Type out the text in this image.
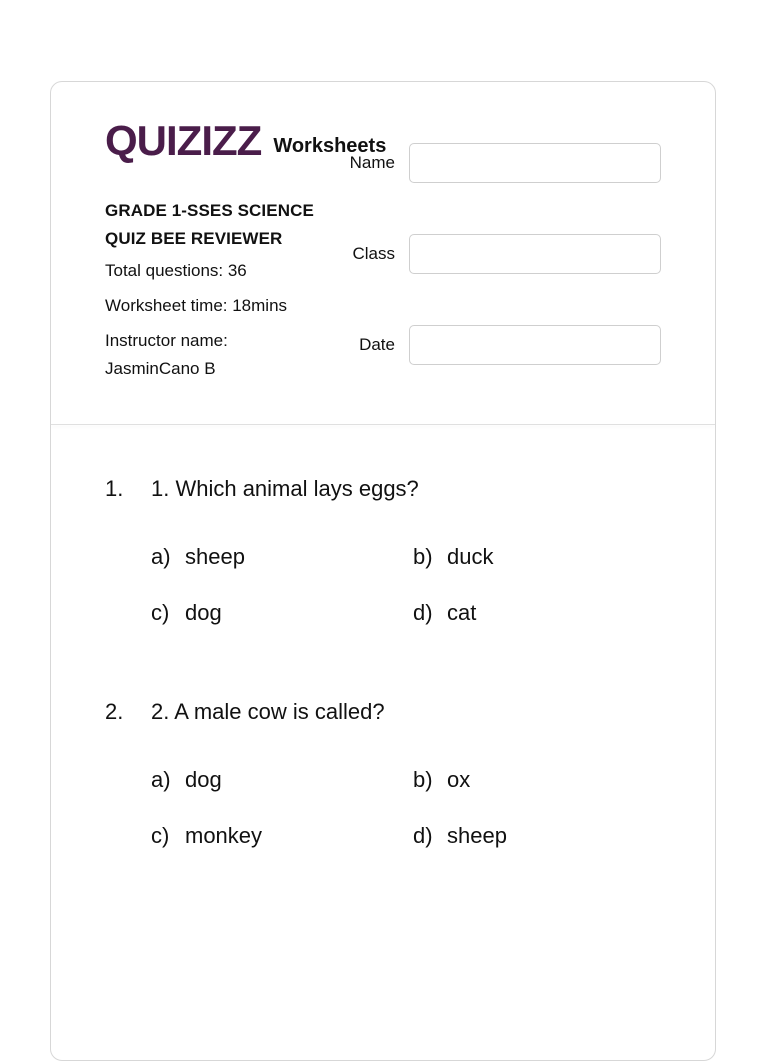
QUIZIZZ Worksheets
GRADE 1-SSES SCIENCE QUIZ BEE REVIEWER
Total questions: 36
Worksheet time: 18mins
Instructor name: JasminCano B
Name
Class
Date
1.	1. Which animal lays eggs?
a) sheep	b) duck
c) dog	d) cat
2.	2. A male cow is called?
a) dog	b) ox
c) monkey	d) sheep
